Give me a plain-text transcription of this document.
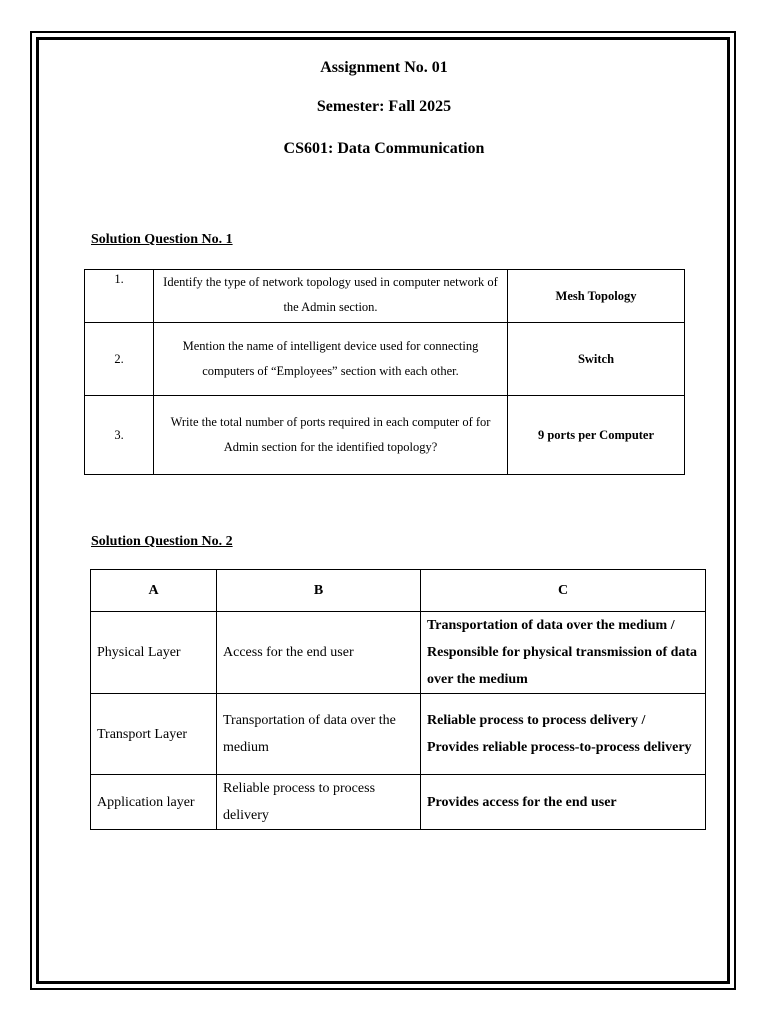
Assignment No. 01
Semester: Fall 2025
CS601: Data Communication
Solution Question No. 1
1.	Identify the type of network topology used in computer network of the Admin section.	Mesh Topology
2.	Mention the name of intelligent device used for connecting computers of “Employees” section with each other.	Switch
3.	Write the total number of ports required in each computer of for Admin section for the identified topology?	9 ports per Computer
Solution Question No. 2
A	B	C
Physical Layer	Access for the end user	Transportation of data over the medium / Responsible for physical transmission of data over the medium
Transport Layer	Transportation of data over the medium	Reliable process to process delivery / Provides reliable process-to-process delivery
Application layer	Reliable process to process delivery	Provides access for the end user
